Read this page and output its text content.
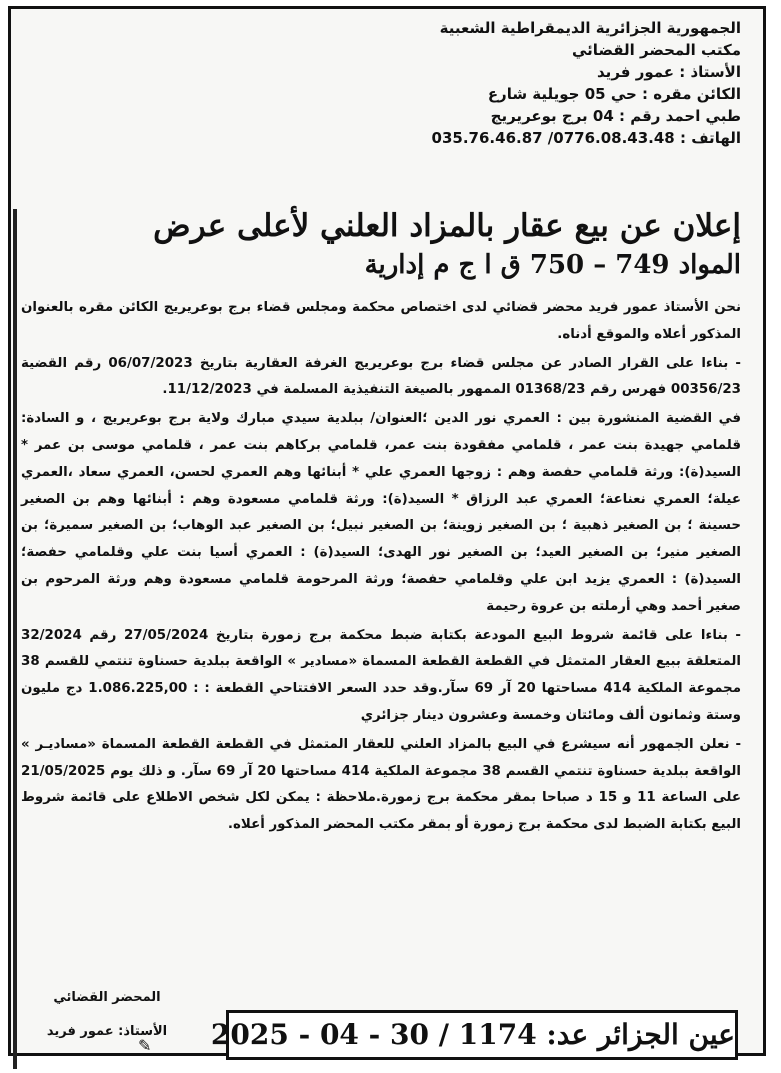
الجمهورية الجزائرية الديمقراطية الشعبية
مكتب المحضر القضائي
الأستاذ : عمور فريد
الكائن مقره : حي 05 جويلية شارع
طبي احمد رقم : 04 برج بوعريريج
الهاتف : 0776.08.43.48/ 035.76.46.87
إعلان عن بيع عقار بالمزاد العلني لأعلى عرض
المواد 749 – 750 ق ا ج م إدارية

نحن الأستاذ عمور فريد محضر قضائي لدى اختصاص محكمة ومجلس قضاء برج بوعريريج الكائن مقره بالعنوان المذكور أعلاه والموقع أدناه.

- بناءا على القرار الصادر عن مجلس قضاء برج بوعريريج الغرفة العقارية بتاريخ 06/07/2023 رقم القضية 00356/23 فهرس رقم 01368/23 الممهور بالصيغة التنفيذية المسلمة في 11/12/2023.

في القضية المنشورة بين : العمري نور الدين ؛العنوان/ ببلدية سيدي مبارك ولاية برج بوعريريج ، و السادة: قلمامي جهيدة بنت عمر ، قلمامي مفقودة بنت عمر، قلمامي بركاهم بنت عمر ، قلمامي موسى بن عمر * السيد(ة): ورثة قلمامي حفصة وهم : زوجها العمري علي * أبنائها وهم العمري لحسن، العمري سعاد ،العمري عيلة؛ العمري نعناعة؛ العمري عبد الرزاق * السيد(ة): ورثة قلمامي مسعودة وهم : أبنائها وهم بن الصغير حسينة ؛ بن الصغير ذهبية ؛ بن الصغير زوينة؛ بن الصغير نبيل؛ بن الصغير عبد الوهاب؛ بن الصغير سميرة؛ بن الصغير منير؛ بن الصغير العيد؛ بن الصغير نور الهدى؛ السيد(ة) : العمري أسيا بنت علي وقلمامي حفصة؛ السيد(ة) : العمري يزيد ابن علي وقلمامي حفصة؛ ورثة المرحومة قلمامي مسعودة وهم ورثة المرحوم بن صغير أحمد وهي أرملته بن عروة رحيمة

- بناءا على قائمة شروط البيع المودعة بكتابة ضبط محكمة برج زمورة بتاريخ 27/05/2024 رقم 32/2024 المتعلقة ببيع العقار المتمثل في القطعة القطعة المسماة «مسادير » الواقعة ببلدية حسناوة تنتمي للقسم 38 مجموعة الملكية 414 مساحتها 20 آر 69 سآر.وقد حدد السعر الافتتاحي القطعة : : 1.086.225,00 دج مليون وستة وثمانون ألف ومائتان وخمسة وعشرون دينار جزائري

- نعلن الجمهور أنه سيشرع في البيع بالمزاد العلني للعقار المتمثل في القطعة القطعة المسماة «مساديـر » الواقعة ببلدية حسناوة تنتمي القسم 38 مجموعة الملكية 414 مساحتها 20 آر 69 سآر. و ذلك يوم 21/05/2025 على الساعة 11 و 15 د صباحا بمقر محكمة برج زمورة.ملاحظة : يمكن لكل شخص الاطلاع على قائمة شروط البيع بكتابة الضبط لدى محكمة برج زمورة أو بمقر مكتب المحضر المذكور أعلاه.

المحضر القضائي
الأستاذ: عمور فريد	عين الجزائر عد: 1174 / 30 - 04 - 2025
✎
